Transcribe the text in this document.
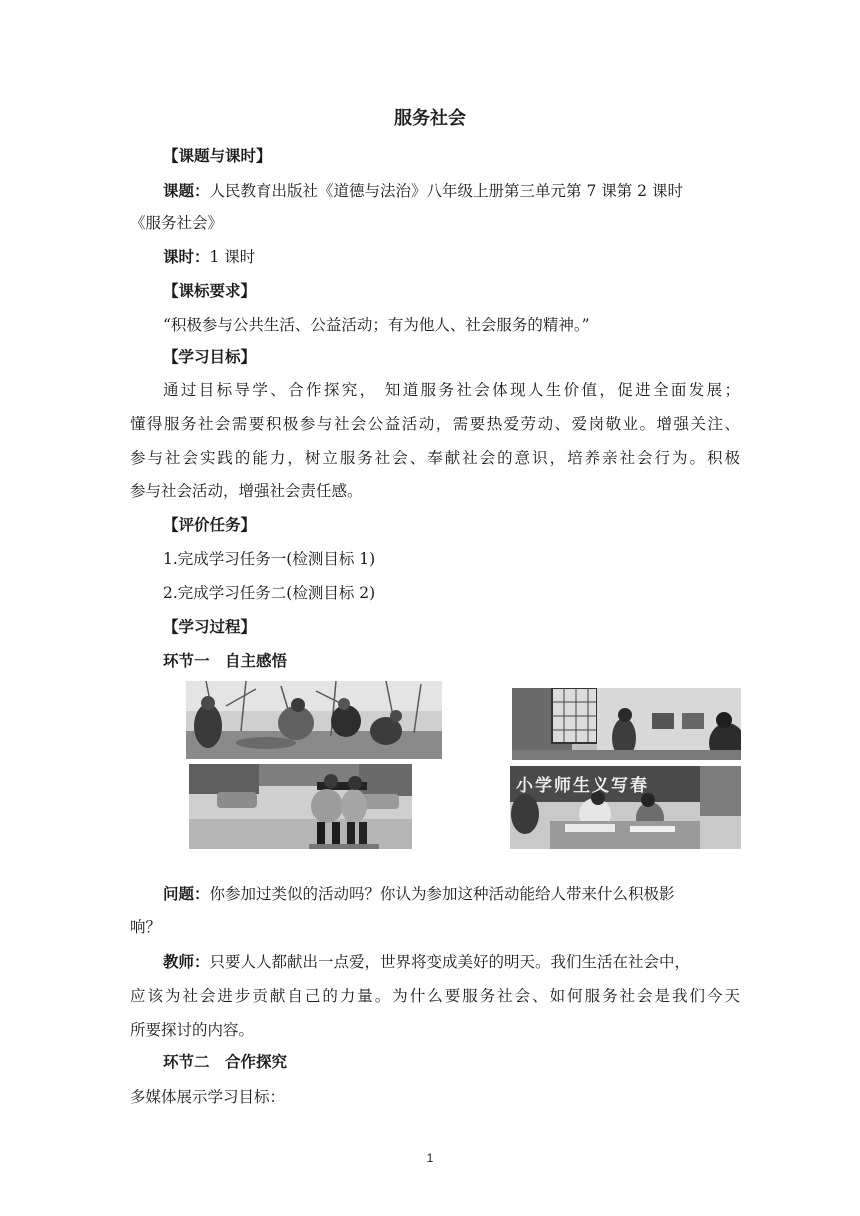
服务社会
【课题与课时】
课题：人民教育出版社《道德与法治》八年级上册第三单元第 7 课第 2 课时
《服务社会》
课时：1 课时
【课标要求】
“积极参与公共生活、公益活动；有为他人、社会服务的精神。”
【学习目标】
通过目标导学、合作探究， 知道服务社会体现人生价值，促进全面发展；
懂得服务社会需要积极参与社会公益活动，需要热爱劳动、爱岗敬业。增强关注、
参与社会实践的能力，树立服务社会、奉献社会的意识，培养亲社会行为。积极
参与社会活动，增强社会责任感。
【评价任务】
1.完成学习任务一(检测目标 1)
2.完成学习任务二(检测目标 2)
【学习过程】
环节一　自主感悟
小学师生义写春
问题：你参加过类似的活动吗？你认为参加这种活动能给人带来什么积极影
响？
教师：只要人人都献出一点爱，世界将变成美好的明天。我们生活在社会中，
应该为社会进步贡献自己的力量。为什么要服务社会、如何服务社会是我们今天
所要探讨的内容。
环节二　合作探究
多媒体展示学习目标：
1
